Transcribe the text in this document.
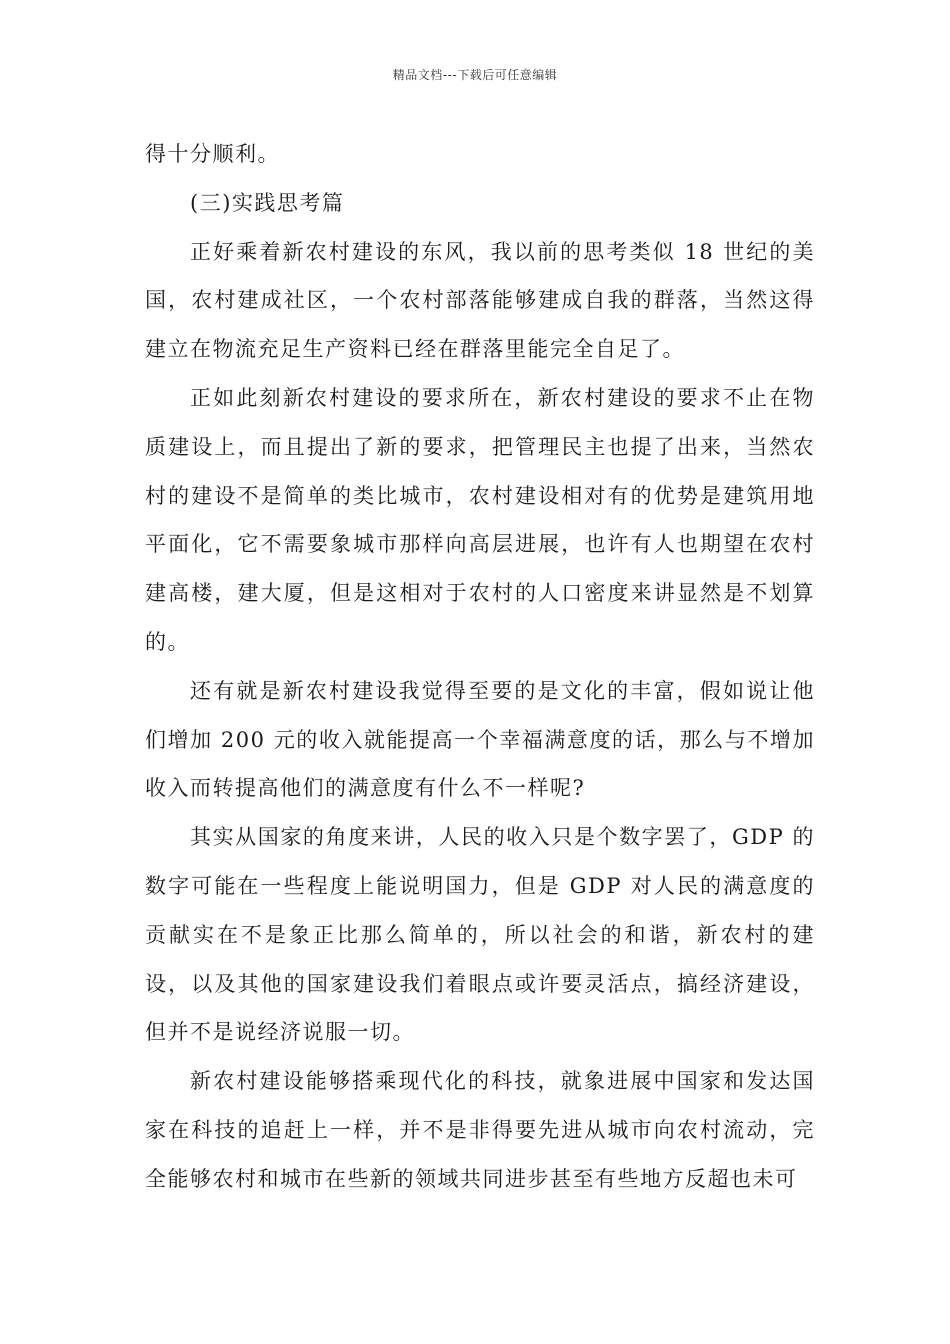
精品文档---下载后可任意编辑

得十分顺利。

(三)实践思考篇

正好乘着新农村建设的东风，我以前的思考类似 18 世纪的美国，农村建成社区，一个农村部落能够建成自我的群落，当然这得建立在物流充足生产资料已经在群落里能完全自足了。

正如此刻新农村建设的要求所在，新农村建设的要求不止在物质建设上，而且提出了新的要求，把管理民主也提了出来，当然农村的建设不是简单的类比城市，农村建设相对有的优势是建筑用地平面化，它不需要象城市那样向高层进展，也许有人也期望在农村建高楼，建大厦，但是这相对于农村的人口密度来讲显然是不划算的。

还有就是新农村建设我觉得至要的是文化的丰富，假如说让他们增加 200 元的收入就能提高一个幸福满意度的话，那么与不增加收入而转提高他们的满意度有什么不一样呢?

其实从国家的角度来讲，人民的收入只是个数字罢了，GDP 的数字可能在一些程度上能说明国力，但是 GDP 对人民的满意度的贡献实在不是象正比那么简单的，所以社会的和谐，新农村的建设，以及其他的国家建设我们着眼点或许要灵活点，搞经济建设，但并不是说经济说服一切。

新农村建设能够搭乘现代化的科技，就象进展中国家和发达国家在科技的追赶上一样，并不是非得要先进从城市向农村流动，完全能够农村和城市在些新的领域共同进步甚至有些地方反超也未可
